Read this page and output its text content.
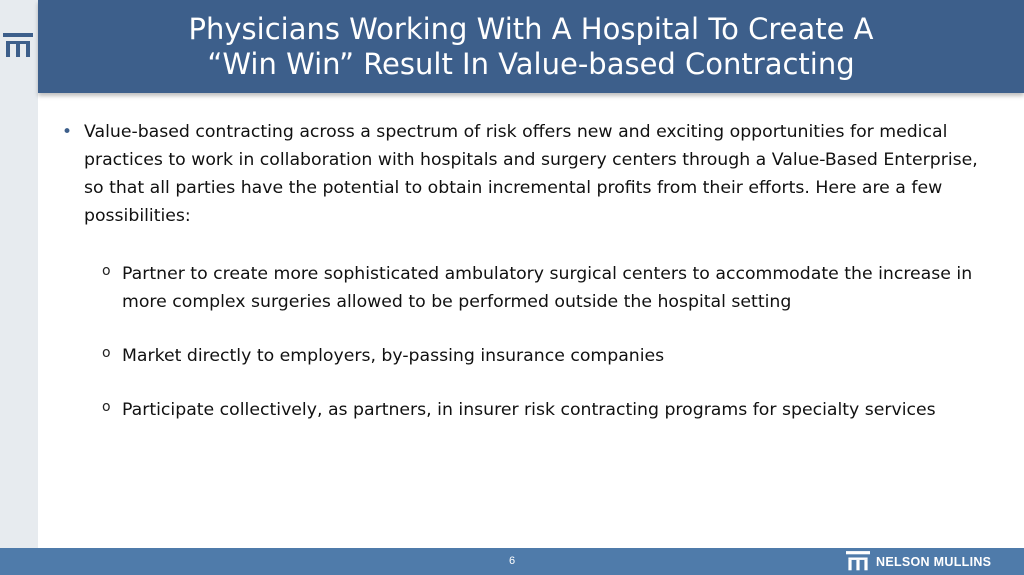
Physicians Working With A Hospital To Create A
“Win Win” Result In Value-based Contracting
• Value-based contracting across a spectrum of risk offers new and exciting opportunities for medical practices to work in collaboration with hospitals and surgery centers through a Value-Based Enterprise, so that all parties have the potential to obtain incremental profits from their efforts. Here are a few possibilities:
o Partner to create more sophisticated ambulatory surgical centers to accommodate the increase in more complex surgeries allowed to be performed outside the hospital setting
o Market directly to employers, by-passing insurance companies
o Participate collectively, as partners, in insurer risk contracting programs for specialty services
6	NELSON MULLINS
